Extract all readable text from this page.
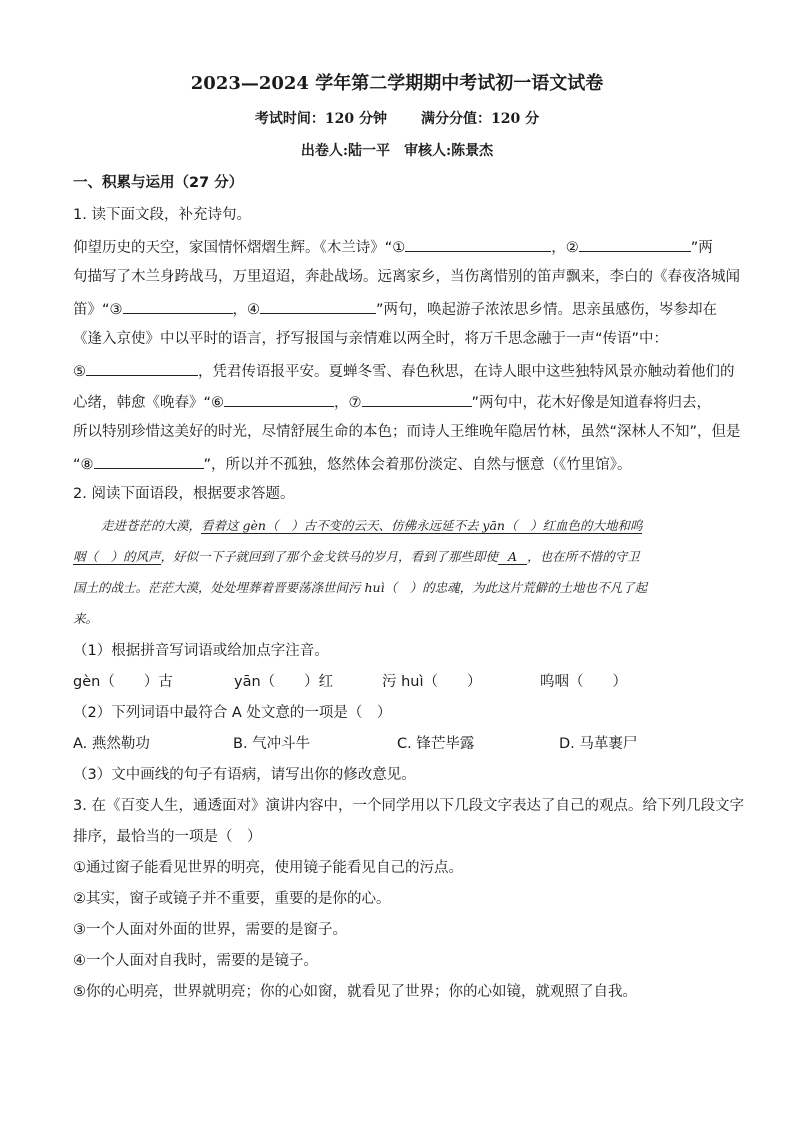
2023—2024 学年第二学期期中考试初一语文试卷
考试时间：120 分钟 满分分值：120 分
出卷人:陆一平 审核人:陈景杰
一、积累与运用（27 分）
1. 读下面文段，补充诗句。
仰望历史的天空，家国情怀熠熠生辉。《木兰诗》“①	，②	”两
句描写了木兰身跨战马，万里迢迢，奔赴战场。远离家乡，当伤离惜别的笛声飘来，李白的《春夜洛城闻
笛》“③	，④	”两句，唤起游子浓浓思乡情。思亲虽感伤，岑参却在
《逢入京使》中以平时的语言，抒写报国与亲情难以两全时，将万千思念融于一声“传语”中：
⑤	，凭君传语报平安。夏蝉冬雪、春色秋思，在诗人眼中这些独特风景亦触动着他们的
心绪，韩愈《晚春》“⑥	，⑦	”两句中，花木好像是知道春将归去，
所以特别珍惜这美好的时光，尽情舒展生命的本色；而诗人王维晚年隐居竹林，虽然“深林人不知”，但是
“⑧	”，所以并不孤独，悠然体会着那份淡定、自然与惬意（《竹里馆》。
2. 阅读下面语段，根据要求答题。
走进苍茫的大漠，看着这 gèn（　）古不变的云天、仿佛永远延不去 yān（　）红血色的大地和呜
咽（　）的风声，好似一下子就回到了那个金戈铁马的岁月，看到了那些即使 A ，也在所不惜的守卫
国土的战士。茫茫大漠，处处埋葬着晋要荡涤世间污 huì（　）的忠魂，为此这片荒僻的土地也不凡了起
来。
（1）根据拼音写词语或给加点字注音。
gèn（　　）古	yān（　　）红	污 huì（　　）	呜咽（　　）
（2）下列词语中最符合 A 处文意的一项是（　）
A. 燕然勒功	B. 气冲斗牛	C. 锋芒毕露	D. 马革裹尸
（3）文中画线的句子有语病，请写出你的修改意见。
3. 在《百变人生，通透面对》演讲内容中，一个同学用以下几段文字表达了自己的观点。给下列几段文字
排序，最恰当的一项是（　）
①通过窗子能看见世界的明亮，使用镜子能看见自己的污点。
②其实，窗子或镜子并不重要，重要的是你的心。
③一个人面对外面的世界，需要的是窗子。
④一个人面对自我时，需要的是镜子。
⑤你的心明亮，世界就明亮；你的心如窗，就看见了世界；你的心如镜，就观照了自我。
